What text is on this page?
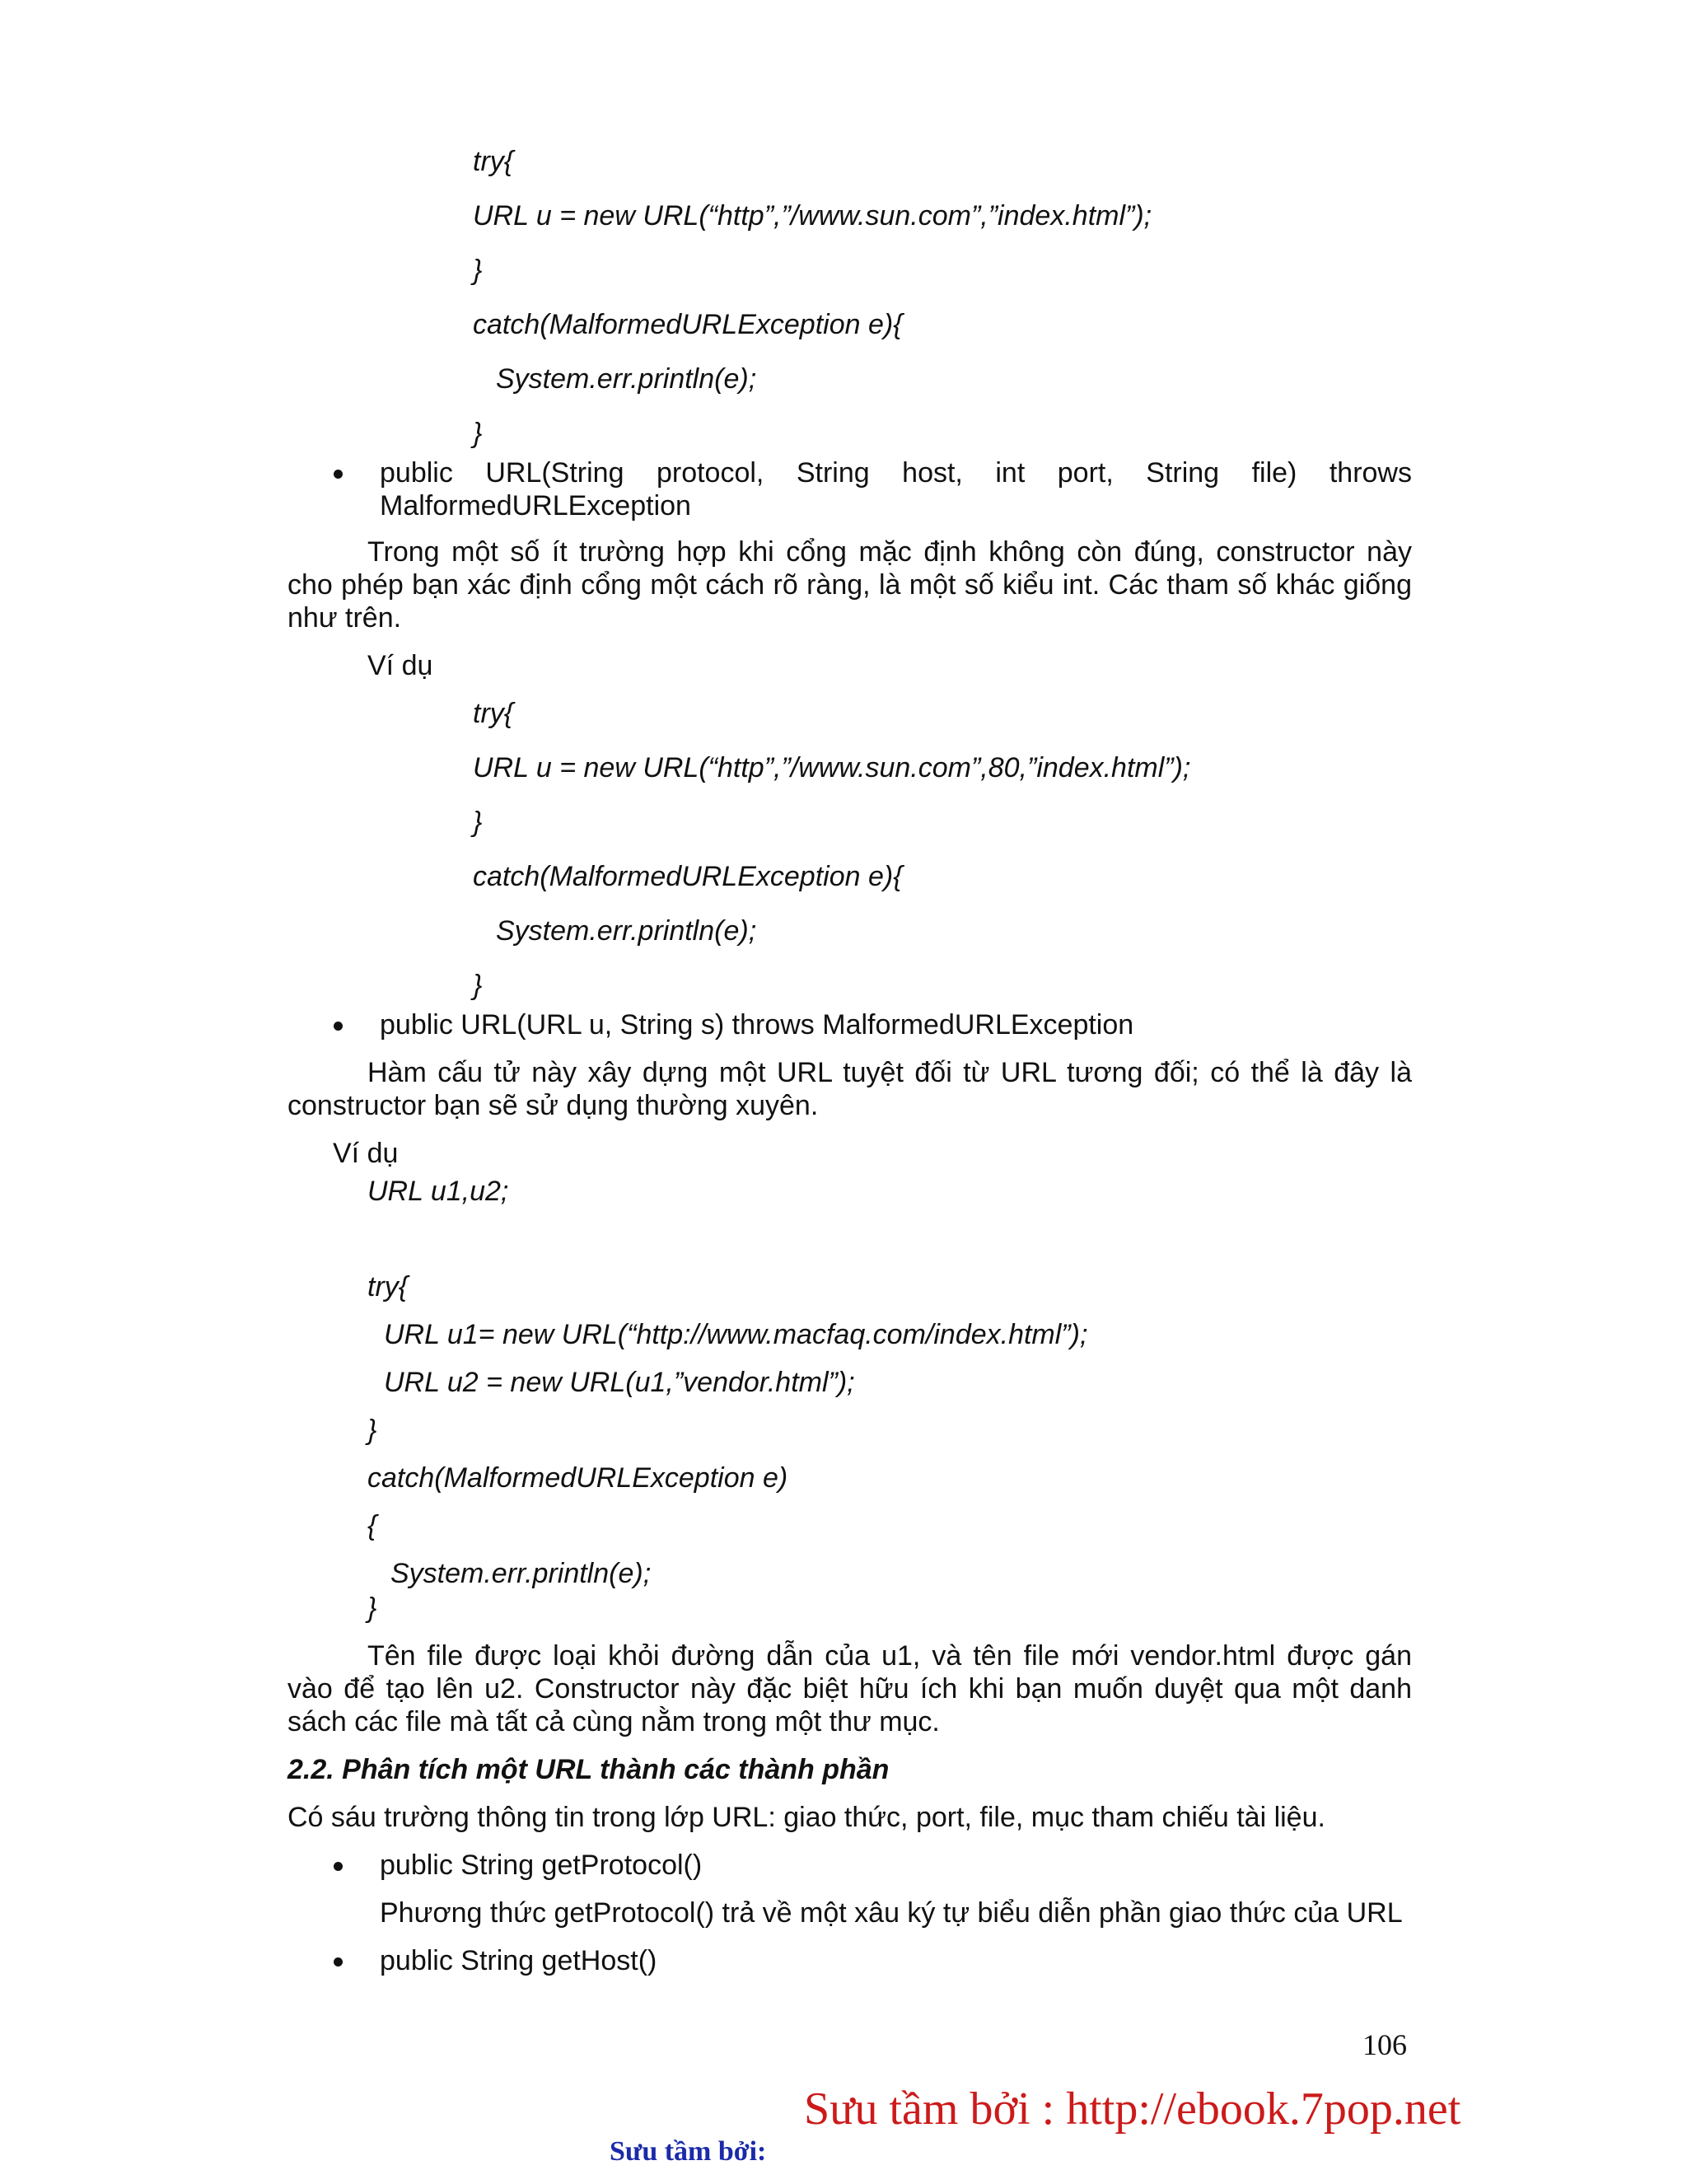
try{

URL u = new URL(“http”,”/www.sun.com”,”index.html”);

}

catch(MalformedURLException e){

System.err.println(e);

}

public URL(String protocol, String host, int port, String file) throws

MalformedURLException

Trong một số ít trường hợp khi cổng mặc định không còn đúng, constructor này

cho phép bạn xác định cổng một cách rõ ràng, là một số kiểu int. Các tham số khác giống

như trên.

Ví dụ

try{

URL u = new URL(“http”,”/www.sun.com”,80,”index.html”);

}

catch(MalformedURLException e){

System.err.println(e);

}

public URL(URL u, String s) throws MalformedURLException

Hàm cấu tử này xây dựng một URL tuyệt đối từ URL tương đối; có thể là đây là

constructor bạn sẽ sử dụng thường xuyên.

Ví dụ

URL u1,u2;

try{

URL u1= new URL(“http://www.macfaq.com/index.html”);

URL u2 = new URL(u1,”vendor.html”);

}

catch(MalformedURLException e)

{

System.err.println(e);

}

Tên file được loại khỏi đường dẫn của u1, và tên file mới vendor.html được gán

vào để tạo lên u2. Constructor này đặc biệt hữu ích khi bạn muốn duyệt qua một danh

sách các file mà tất cả cùng nằm trong một thư mục.

2.2. Phân tích một URL thành các thành phần

Có sáu trường thông tin trong lớp URL: giao thức, port, file, mục tham chiếu tài liệu.

public String getProtocol()

Phương thức getProtocol() trả về một xâu ký tự biểu diễn phần giao thức của URL

public String getHost()

106

Sưu tầm bởi : http://ebook.7pop.net

Sưu tầm bởi:
